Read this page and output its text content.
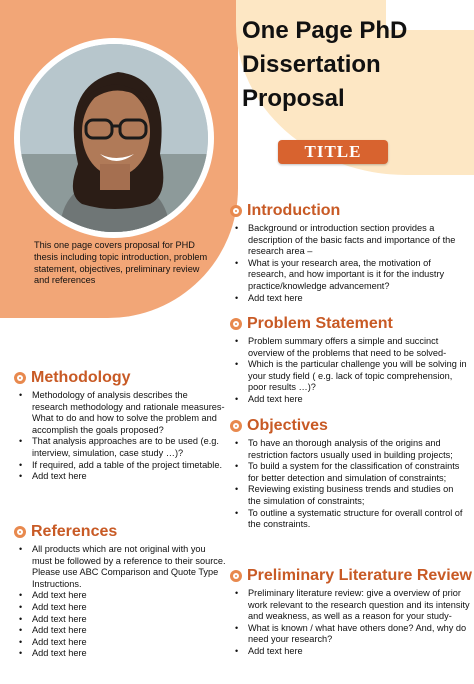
One Page PhD Dissertation Proposal
TITLE
This one page covers proposal for PHD thesis including topic introduction, problem statement, objectives, preliminary review and references
Introduction
• Background or introduction section provides a description of the basic facts and importance of the research area –
• What is your research area, the motivation of research, and how important is it for the industry practice/knowledge advancement?
• Add text here
Problem Statement
• Problem summary offers a simple and succinct overview of the problems that need to be solved-
• Which is the particular challenge you will be solving in your study field ( e.g. lack of topic comprehension, poor results …)?
• Add text here
Objectives
• To have an thorough analysis of the origins and restriction factors usually used in building projects;
• To build a system for the classification of constraints for better detection and simulation of constraints;
• Reviewing existing business trends and studies on the simulation of constraints;
• To outline a systematic structure for overall control of the constraints.
Preliminary Literature Review
• Preliminary literature review: give a overview of prior work relevant to the research question and its intensity and weakness, as well as a reason for your study-
• What is known / what have others done? And, why do need your research?
• Add text here
Methodology
• Methodology of analysis describes the research methodology and rationale measures-What to do and how to solve the problem and accomplish the goals proposed?
• That analysis approaches are to be used (e.g. interview, simulation, case study …)?
• If required, add a table of the project timetable.
• Add text here
References
• All products which are not original with you must be followed by a reference to their source. Please use ABC Comparison and Quote Type Instructions.
• Add text here
• Add text here
• Add text here
• Add text here
• Add text here
• Add text here
